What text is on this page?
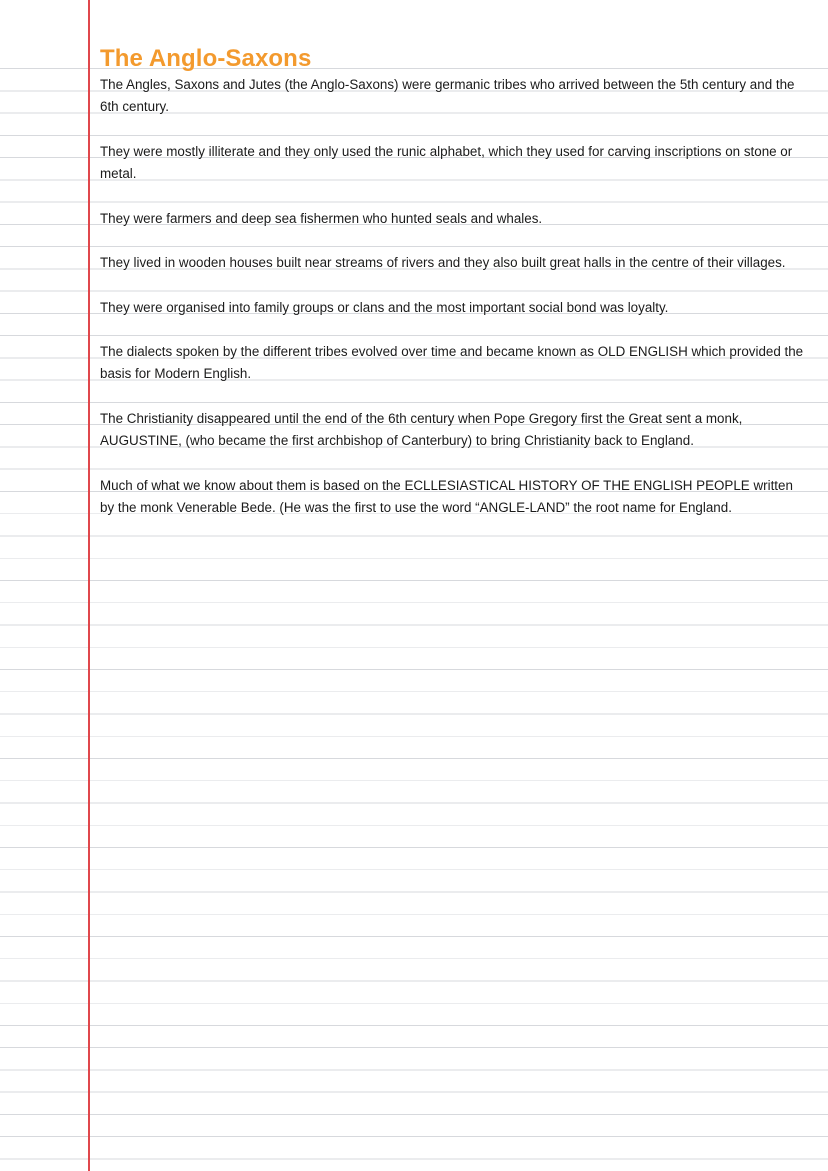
The Anglo-Saxons

The Angles, Saxons and Jutes (the Anglo-Saxons) were germanic tribes who arrived between the 5th century and the 6th century.

They were mostly illiterate and they only used the runic alphabet, which they used for carving inscriptions on stone or metal.

They were farmers and deep sea fishermen who hunted seals and whales.

They lived in wooden houses built near streams of rivers and they also built great halls in the centre of their villages.

They were organised into family groups or clans and the most important social bond was loyalty.

The dialects spoken by the different tribes evolved over time and became known as OLD ENGLISH which provided the basis for Modern English.

The Christianity disappeared until the end of the 6th century when Pope Gregory first the Great sent a monk, AUGUSTINE, (who became the first archbishop of Canterbury) to bring Christianity back to England.

Much of what we know about them is based on the ECLLESIASTICAL HISTORY OF THE ENGLISH PEOPLE written by the monk Venerable Bede. (He was the first to use the word “ANGLE-LAND” the root name for England.
